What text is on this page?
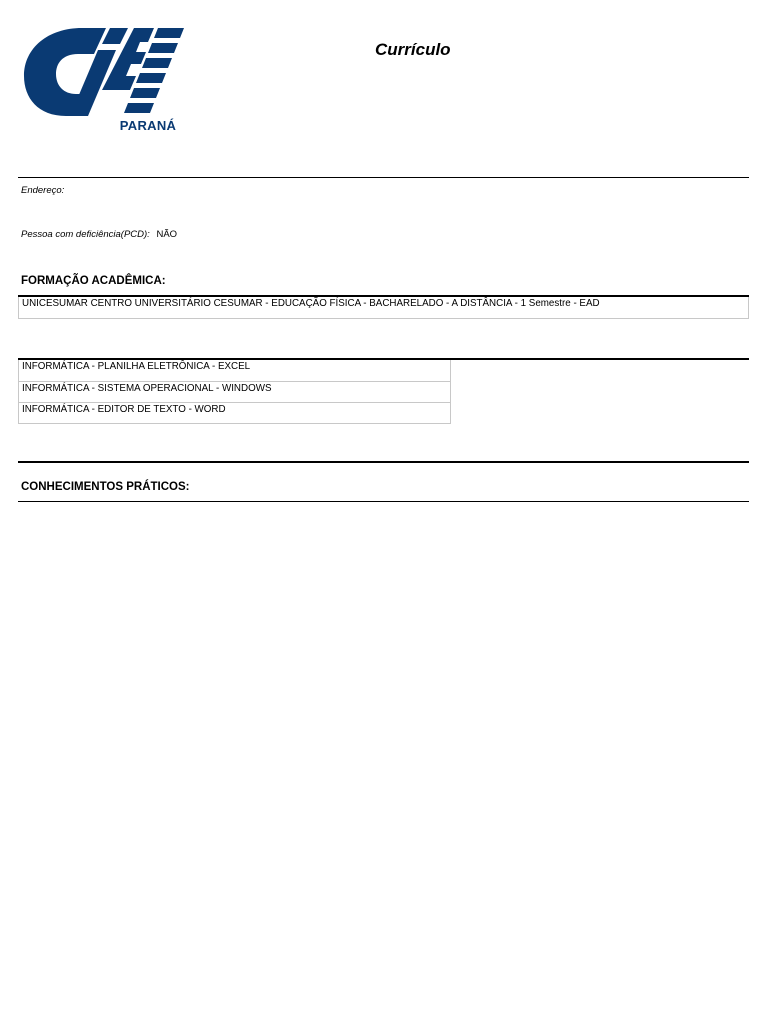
PARANÁ
Currículo
Endereço:
Pessoa com deficiência(PCD): NÃO
FORMAÇÃO ACADÊMICA:
UNICESUMAR CENTRO UNIVERSITÁRIO CESUMAR - EDUCAÇÃO FÍSICA - BACHARELADO - A DISTÂNCIA - 1 Semestre - EAD
INFORMÁTICA - PLANILHA ELETRÔNICA - EXCEL
INFORMÁTICA - SISTEMA OPERACIONAL - WINDOWS
INFORMÁTICA - EDITOR DE TEXTO - WORD
CONHECIMENTOS PRÁTICOS:
